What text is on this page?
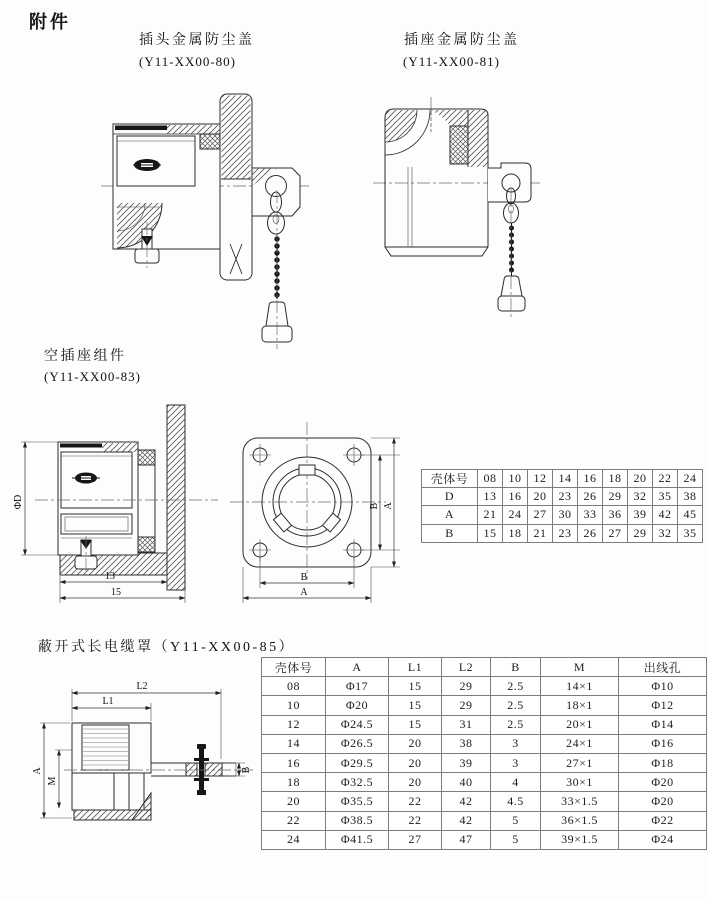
附件
插头金属防尘盖
(Y11-XX00-80)
插座金属防尘盖
(Y11-XX00-81)
空插座组件
(Y11-XX00-83)
ΦD
13
15
B A
B
A
壳体号	08	10	12	14	16	18	20	22	24
D	13	16	20	23	26	29	32	35	38
A	21	24	27	30	33	36	39	42	45
B	15	18	21	23	26	27	29	32	35
蔽开式长电缆罩（Y11-XX00-85）
L2
L1
A
M
B
壳体号	A	L1	L2	B	M	出线孔
08	Φ17	15	29	2.5	14×1	Φ10
10	Φ20	15	29	2.5	18×1	Φ12
12	Φ24.5	15	31	2.5	20×1	Φ14
14	Φ26.5	20	38	3	24×1	Φ16
16	Φ29.5	20	39	3	27×1	Φ18
18	Φ32.5	20	40	4	30×1	Φ20
20	Φ35.5	22	42	4.5	33×1.5	Φ20
22	Φ38.5	22	42	5	36×1.5	Φ22
24	Φ41.5	27	47	5	39×1.5	Φ24
